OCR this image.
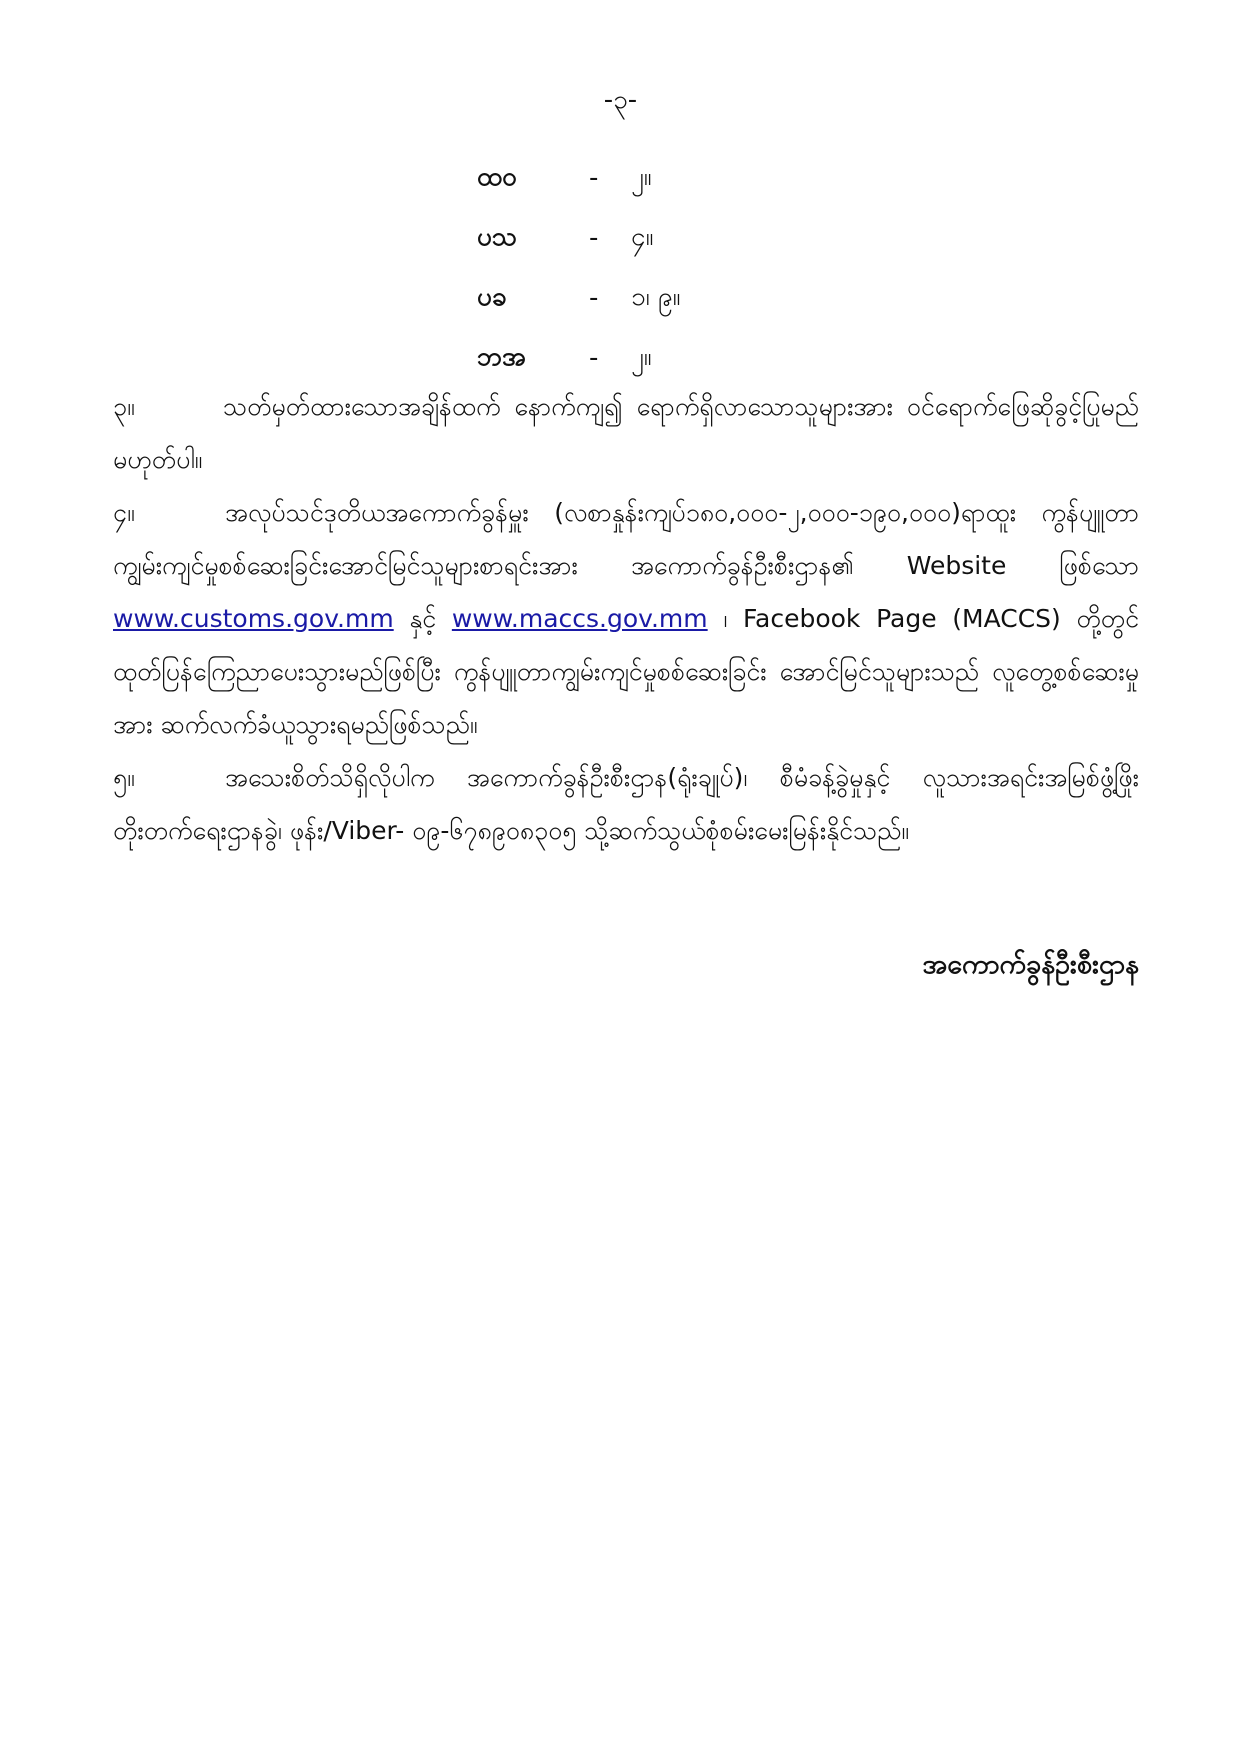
-၃-
ထဝ	-	၂။
ပသ	-	၄။
ပခ	-	၁၊ ၉။
ဘအ	-	၂။

၃။	သတ်မှတ်ထားသောအချိန်ထက် နောက်ကျ၍ ရောက်ရှိလာသောသူများအား ဝင်ရောက်ဖြေဆိုခွင့်ပြုမည် မဟုတ်ပါ။

၄။	အလုပ်သင်ဒုတိယအကောက်ခွန်မှူး (လစာနှုန်းကျပ်၁၈၀,၀၀၀-၂,၀၀၀-၁၉၀,၀၀၀)ရာထူး ကွန်ပျူတာကျွမ်းကျင်မှုစစ်ဆေးခြင်းအောင်မြင်သူများစာရင်းအား အကောက်ခွန်ဦးစီးဌာန၏ Website ဖြစ်သော www.customs.gov.mm နှင့် www.maccs.gov.mm ၊ Facebook Page (MACCS) တို့တွင် ထုတ်ပြန်ကြေညာပေးသွားမည်ဖြစ်ပြီး ကွန်ပျူတာကျွမ်းကျင်မှုစစ်ဆေးခြင်း အောင်မြင်သူများသည် လူတွေ့စစ်ဆေးမှုအား ဆက်လက်ခံယူသွားရမည်ဖြစ်သည်။

၅။	အသေးစိတ်သိရှိလိုပါက အကောက်ခွန်ဦးစီးဌာန(ရုံးချုပ်)၊ စီမံခန့်ခွဲမှုနှင့် လူသားအရင်းအမြစ်ဖွံ့ဖြိုးတိုးတက်ရေးဌာနခွဲ၊ ဖုန်း/Viber- ၀၉-၆၇၈၉၀၈၃၀၅ သို့ဆက်သွယ်စုံစမ်းမေးမြန်းနိုင်သည်။

အကောက်ခွန်ဦးစီးဌာန
